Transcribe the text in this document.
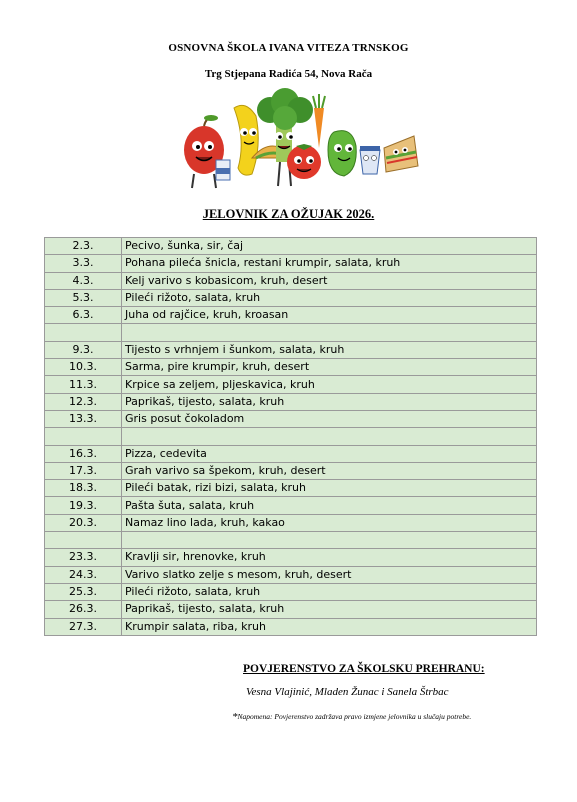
OSNOVNA ŠKOLA IVANA VITEZA TRNSKOG
Trg Stjepana Radića 54, Nova Rača
JELOVNIK ZA OŽUJAK 2026.
2.3.	Pecivo, šunka, sir, čaj
3.3.	Pohana pileća šnicla, restani krumpir, salata, kruh
4.3.	Kelj varivo s kobasicom, kruh, desert
5.3.	Pileći rižoto, salata, kruh
6.3.	Juha od rajčice, kruh, kroasan

9.3.	Tijesto s vrhnjem i šunkom, salata, kruh
10.3.	Sarma, pire krumpir, kruh, desert
11.3.	Krpice sa zeljem, pljeskavica, kruh
12.3.	Paprikaš, tijesto, salata, kruh
13.3.	Gris posut čokoladom

16.3.	Pizza, cedevita
17.3.	Grah varivo sa špekom, kruh, desert
18.3.	Pileći batak, rizi bizi, salata, kruh
19.3.	Pašta šuta, salata, kruh
20.3.	Namaz lino lada, kruh, kakao

23.3.	Kravlji sir, hrenovke, kruh
24.3.	Varivo slatko zelje s mesom, kruh, desert
25.3.	Pileći rižoto, salata, kruh
26.3.	Paprikaš, tijesto, salata, kruh
27.3.	Krumpir salata, riba, kruh
POVJERENSTVO ZA ŠKOLSKU PREHRANU:
Vesna Vlajinić, Mladen Žunac i Sanela Štrbac
*Napomena: Povjerenstvo zadržava pravo izmjene jelovnika u slučaju potrebe.
